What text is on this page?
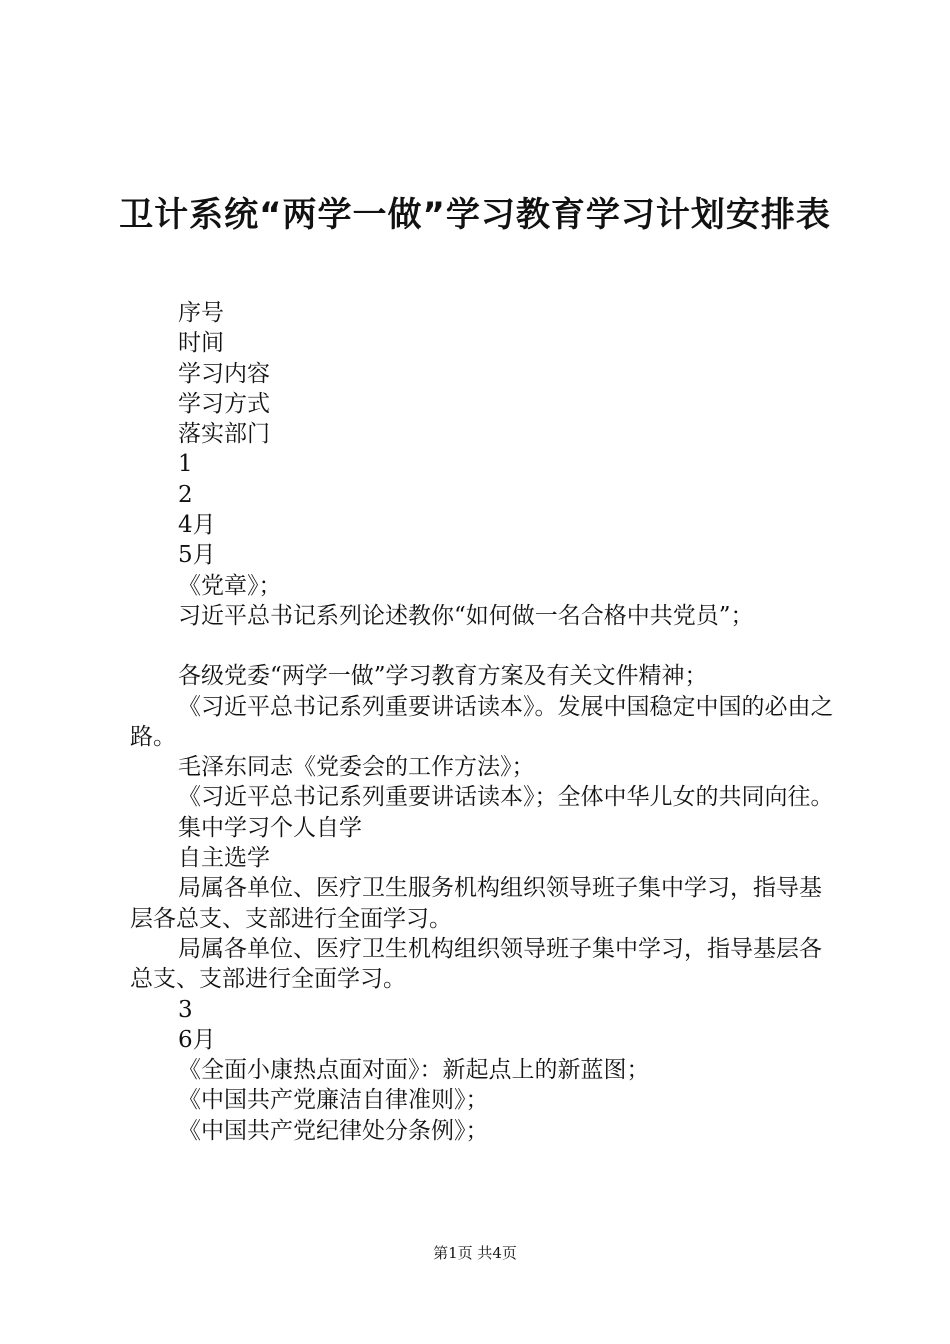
卫计系统“两学一做”学习教育学习计划安排表

序号

时间

学习内容

学习方式

落实部门

1

2

4月

5月

《党章》；

习近平总书记系列论述教你“如何做一名合格中共党员”；

各级党委“两学一做”学习教育方案及有关文件精神；

《习近平总书记系列重要讲话读本》。发展中国稳定中国的必由之路。

毛泽东同志《党委会的工作方法》；

《习近平总书记系列重要讲话读本》；全体中华儿女的共同向往。

集中学习个人自学

自主选学

局属各单位、医疗卫生服务机构组织领导班子集中学习，指导基层各总支、支部进行全面学习。

局属各单位、医疗卫生机构组织领导班子集中学习，指导基层各总支、支部进行全面学习。

3

6月

《全面小康热点面对面》：新起点上的新蓝图；

《中国共产党廉洁自律准则》；

《中国共产党纪律处分条例》；

第1页 共4页
